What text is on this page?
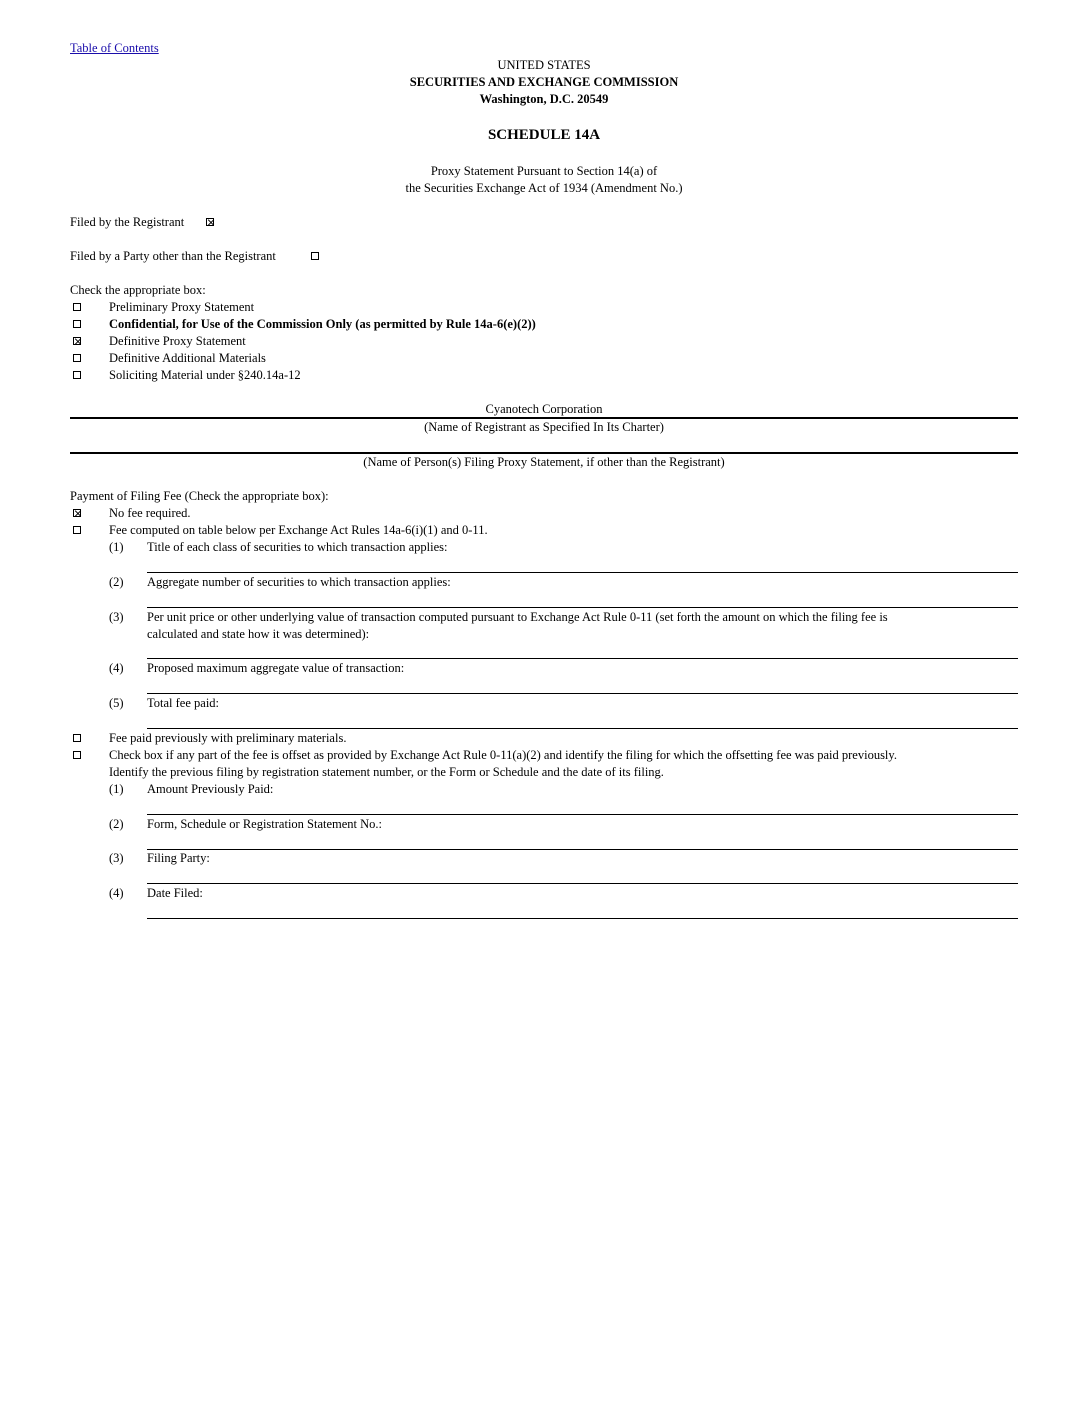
Table of Contents
UNITED STATES
SECURITIES AND EXCHANGE COMMISSION
Washington, D.C. 20549
SCHEDULE 14A
Proxy Statement Pursuant to Section 14(a) of
the Securities Exchange Act of 1934 (Amendment No.)
Filed by the Registrant
Filed by a Party other than the Registrant
Check the appropriate box:
Preliminary Proxy Statement
Confidential, for Use of the Commission Only (as permitted by Rule 14a-6(e)(2))
Definitive Proxy Statement
Definitive Additional Materials
Soliciting Material under §240.14a-12
Cyanotech Corporation
(Name of Registrant as Specified In Its Charter)
(Name of Person(s) Filing Proxy Statement, if other than the Registrant)
Payment of Filing Fee (Check the appropriate box):
No fee required.
Fee computed on table below per Exchange Act Rules 14a-6(i)(1) and 0-11.
(1) Title of each class of securities to which transaction applies:
(2) Aggregate number of securities to which transaction applies:
(3) Per unit price or other underlying value of transaction computed pursuant to Exchange Act Rule 0-11 (set forth the amount on which the filing fee is
calculated and state how it was determined):
(4) Proposed maximum aggregate value of transaction:
(5) Total fee paid:
Fee paid previously with preliminary materials.
Check box if any part of the fee is offset as provided by Exchange Act Rule 0-11(a)(2) and identify the filing for which the offsetting fee was paid previously.
Identify the previous filing by registration statement number, or the Form or Schedule and the date of its filing.
(1) Amount Previously Paid:
(2) Form, Schedule or Registration Statement No.:
(3) Filing Party:
(4) Date Filed:
